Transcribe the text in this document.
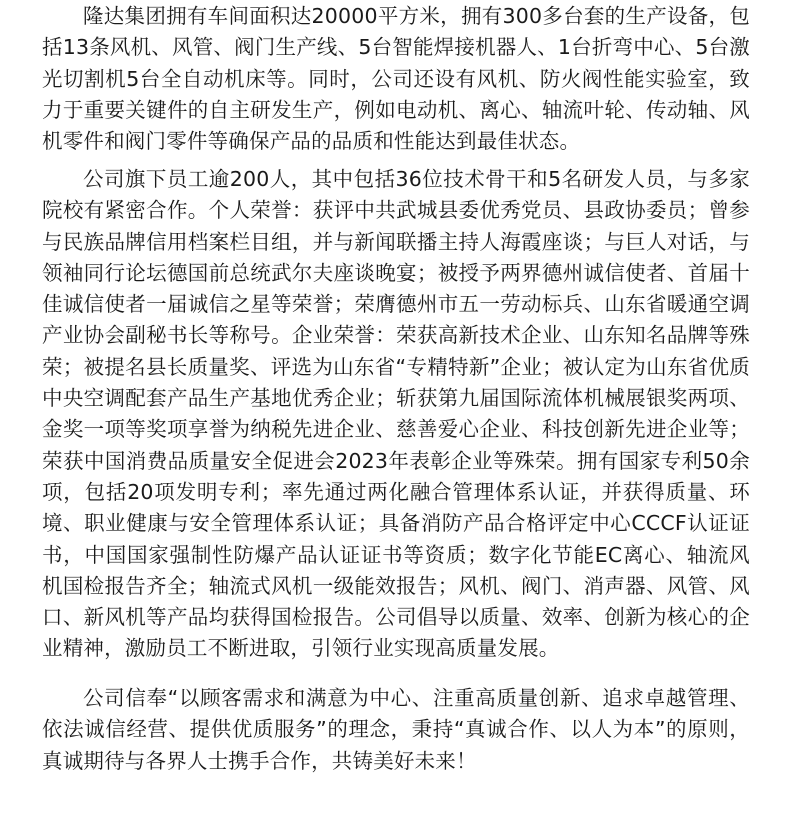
隆达集团拥有车间面积达20000平方米，拥有300多台套的生产设备，包括13条风机、风管、阀门生产线、5台智能焊接机器人、1台折弯中心、5台激光切割机5台全自动机床等。同时，公司还设有风机、防火阀性能实验室，致力于重要关键件的自主研发生产，例如电动机、离心、轴流叶轮、传动轴、风机零件和阀门零件等确保产品的品质和性能达到最佳状态。

公司旗下员工逾200人，其中包括36位技术骨干和5名研发人员，与多家院校有紧密合作。个人荣誉：获评中共武城县委优秀党员、县政协委员；曾参与民族品牌信用档案栏目组，并与新闻联播主持人海霞座谈；与巨人对话，与领袖同行论坛德国前总统武尔夫座谈晚宴；被授予两界德州诚信使者、首届十佳诚信使者一届诚信之星等荣誉；荣膺德州市五一劳动标兵、山东省暖通空调产业协会副秘书长等称号。企业荣誉：荣获高新技术企业、山东知名品牌等殊荣；被提名县长质量奖、评选为山东省“专精特新”企业；被认定为山东省优质中央空调配套产品生产基地优秀企业；斩获第九届国际流体机械展银奖两项、金奖一项等奖项享誉为纳税先进企业、慈善爱心企业、科技创新先进企业等；荣获中国消费品质量安全促进会2023年表彰企业等殊荣。拥有国家专利50余项，包括20项发明专利；率先通过两化融合管理体系认证，并获得质量、环境、职业健康与安全管理体系认证；具备消防产品合格评定中心CCCF认证证书，中国国家强制性防爆产品认证证书等资质；数字化节能EC离心、轴流风机国检报告齐全；轴流式风机一级能效报告；风机、阀门、消声器、风管、风口、新风机等产品均获得国检报告。公司倡导以质量、效率、创新为核心的企业精神，激励员工不断进取，引领行业实现高质量发展。

公司信奉“以顾客需求和满意为中心、注重高质量创新、追求卓越管理、依法诚信经营、提供优质服务”的理念，秉持“真诚合作、以人为本”的原则，真诚期待与各界人士携手合作，共铸美好未来！
